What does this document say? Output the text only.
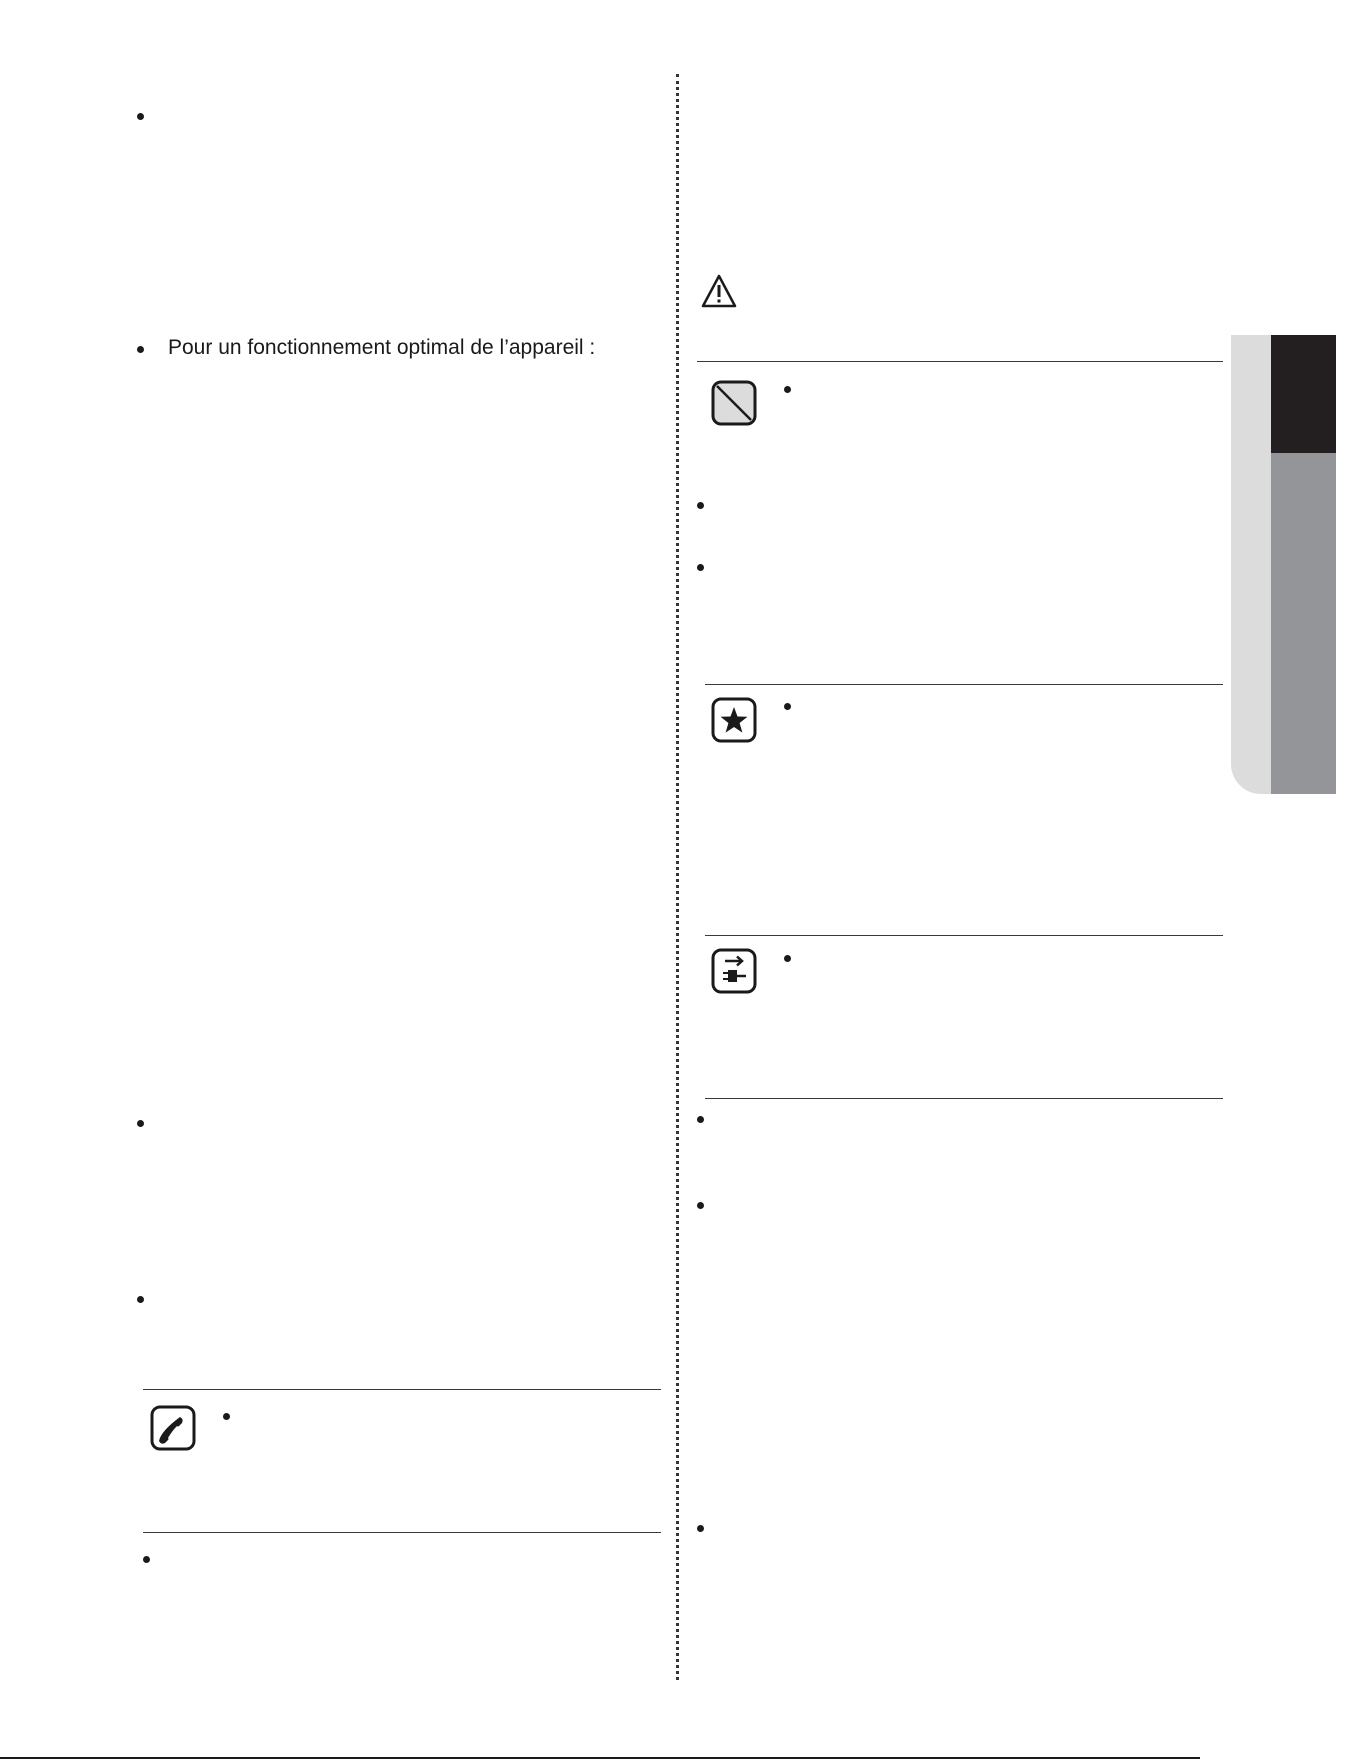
Pour un fonctionnement optimal de l’appareil :
